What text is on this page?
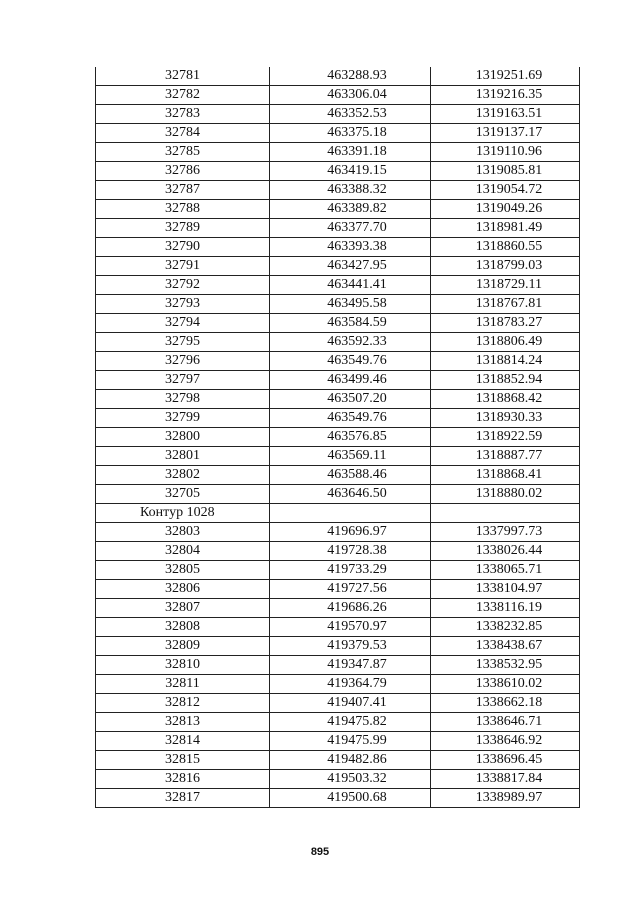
32781	463288.93	1319251.69
32782	463306.04	1319216.35
32783	463352.53	1319163.51
32784	463375.18	1319137.17
32785	463391.18	1319110.96
32786	463419.15	1319085.81
32787	463388.32	1319054.72
32788	463389.82	1319049.26
32789	463377.70	1318981.49
32790	463393.38	1318860.55
32791	463427.95	1318799.03
32792	463441.41	1318729.11
32793	463495.58	1318767.81
32794	463584.59	1318783.27
32795	463592.33	1318806.49
32796	463549.76	1318814.24
32797	463499.46	1318852.94
32798	463507.20	1318868.42
32799	463549.76	1318930.33
32800	463576.85	1318922.59
32801	463569.11	1318887.77
32802	463588.46	1318868.41
32705	463646.50	1318880.02
Контур 1028		
32803	419696.97	1337997.73
32804	419728.38	1338026.44
32805	419733.29	1338065.71
32806	419727.56	1338104.97
32807	419686.26	1338116.19
32808	419570.97	1338232.85
32809	419379.53	1338438.67
32810	419347.87	1338532.95
32811	419364.79	1338610.02
32812	419407.41	1338662.18
32813	419475.82	1338646.71
32814	419475.99	1338646.92
32815	419482.86	1338696.45
32816	419503.32	1338817.84
32817	419500.68	1338989.97
895
